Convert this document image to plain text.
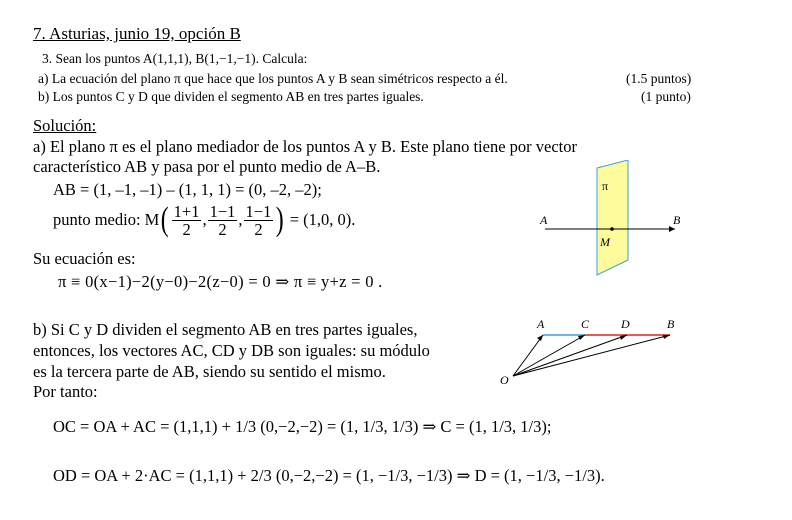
7. Asturias, junio 19, opción B
3. Sean los puntos A(1,1,1), B(1,−1,−1). Calcula:
a) La ecuación del plano π que hace que los puntos A y B sean simétricos respecto a él.	(1.5 puntos)
b) Los puntos C y D que dividen el segmento AB en tres partes iguales.	(1 punto)
Solución:
a) El plano π es el plano mediador de los puntos A y B. Este plano tiene por vector
característico AB y pasa por el punto medio de A–B.
AB = (1, –1, –1) – (1, 1, 1) = (0, –2, –2);
punto medio: M ( $\frac{1+1}{2}$ , $\frac{1-1}{2}$ , $\frac{1-1}{2}$ ) = (1,0, 0).
Su ecuación es:
π ≡ 0(x−1)−2(y−0)−2(z−0) = 0 ⇒ π ≡ y+z = 0 .
π
A	B
M
b) Si C y D dividen el segmento AB en tres partes iguales,
entonces, los vectores AC, CD y DB son iguales: su módulo
es la tercera parte de AB, siendo su sentido el mismo.
Por tanto:
A	C	D	B
O
OC = OA + AC = (1,1,1) + 1/3 (0,−2,−2) = (1, 1/3, 1/3) ⇒ C = (1, 1/3, 1/3);
OD = OA + 2·AC = (1,1,1) + 2/3 (0,−2,−2) = (1, −1/3, −1/3) ⇒ D = (1, −1/3, −1/3).
